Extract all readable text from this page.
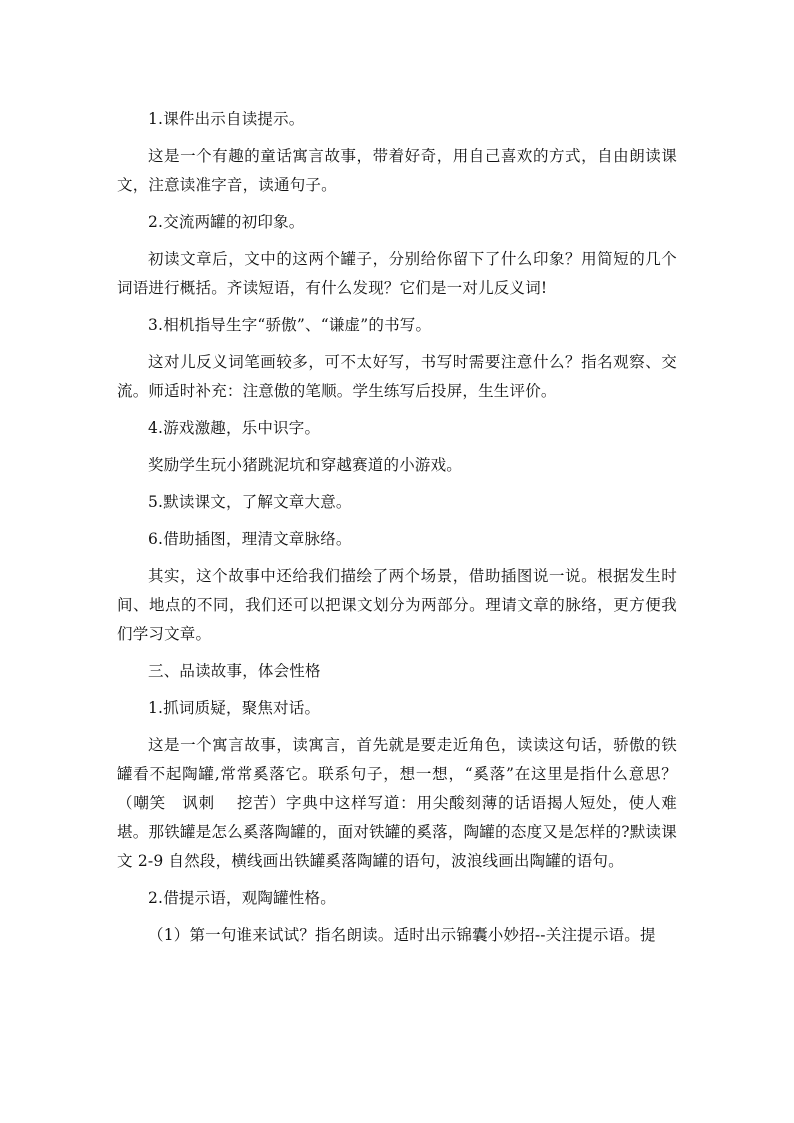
1.课件出示自读提示。

这是一个有趣的童话寓言故事，带着好奇，用自己喜欢的方式，自由朗读课文，注意读准字音，读通句子。

2.交流两罐的初印象。

初读文章后，文中的这两个罐子，分别给你留下了什么印象？用简短的几个词语进行概括。齐读短语，有什么发现？它们是一对儿反义词!

3.相机指导生字“骄傲”、“谦虚”的书写。

这对儿反义词笔画较多，可不太好写，书写时需要注意什么？指名观察、交流。师适时补充：注意傲的笔顺。学生练写后投屏，生生评价。

4.游戏激趣，乐中识字。

奖励学生玩小猪跳泥坑和穿越赛道的小游戏。

5.默读课文，了解文章大意。

6.借助插图，理清文章脉络。

其实，这个故事中还给我们描绘了两个场景，借助插图说一说。根据发生时间、地点的不同，我们还可以把课文划分为两部分。理请文章的脉络，更方便我们学习文章。

三、品读故事，体会性格

1.抓词质疑，聚焦对话。

这是一个寓言故事，读寓言，首先就是要走近角色，读读这句话，骄傲的铁罐看不起陶罐,常常奚落它。联系句子，想一想，“奚落”在这里是指什么意思？（嘲笑　讽刺　 挖苦）字典中这样写道：用尖酸刻薄的话语揭人短处，使人难堪。那铁罐是怎么奚落陶罐的，面对铁罐的奚落，陶罐的态度又是怎样的?默读课文 2-9 自然段，横线画出铁罐奚落陶罐的语句，波浪线画出陶罐的语句。

2.借提示语，观陶罐性格。

（1）第一句谁来试试？指名朗读。适时出示锦囊小妙招--关注提示语。提
